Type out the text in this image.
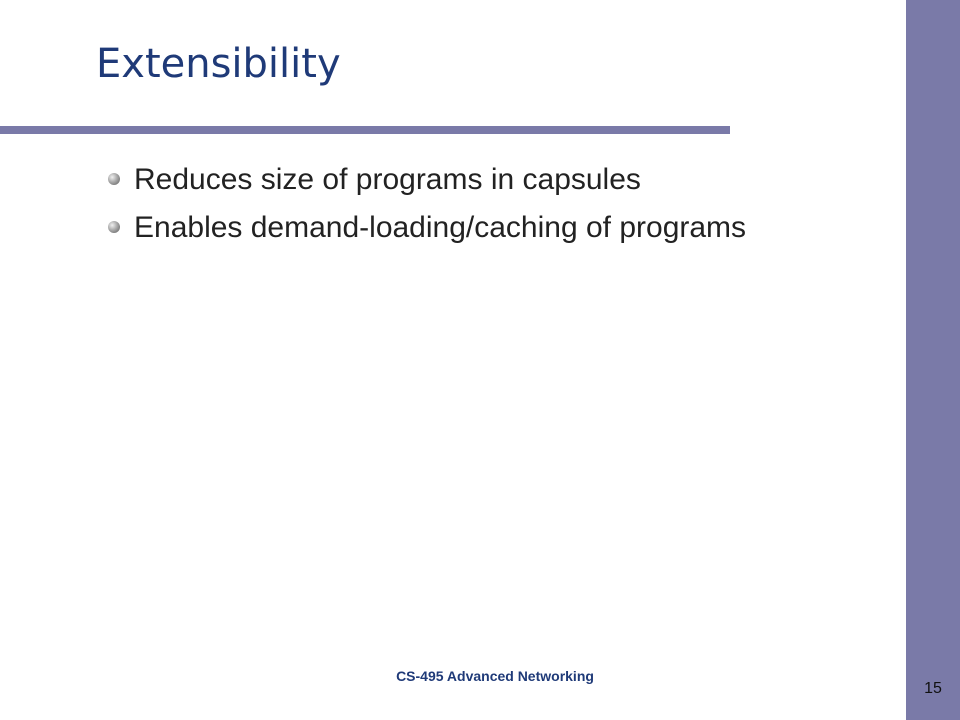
Extensibility
Reduces size of programs in capsules
Enables demand-loading/caching of programs
CS-495 Advanced Networking
15
